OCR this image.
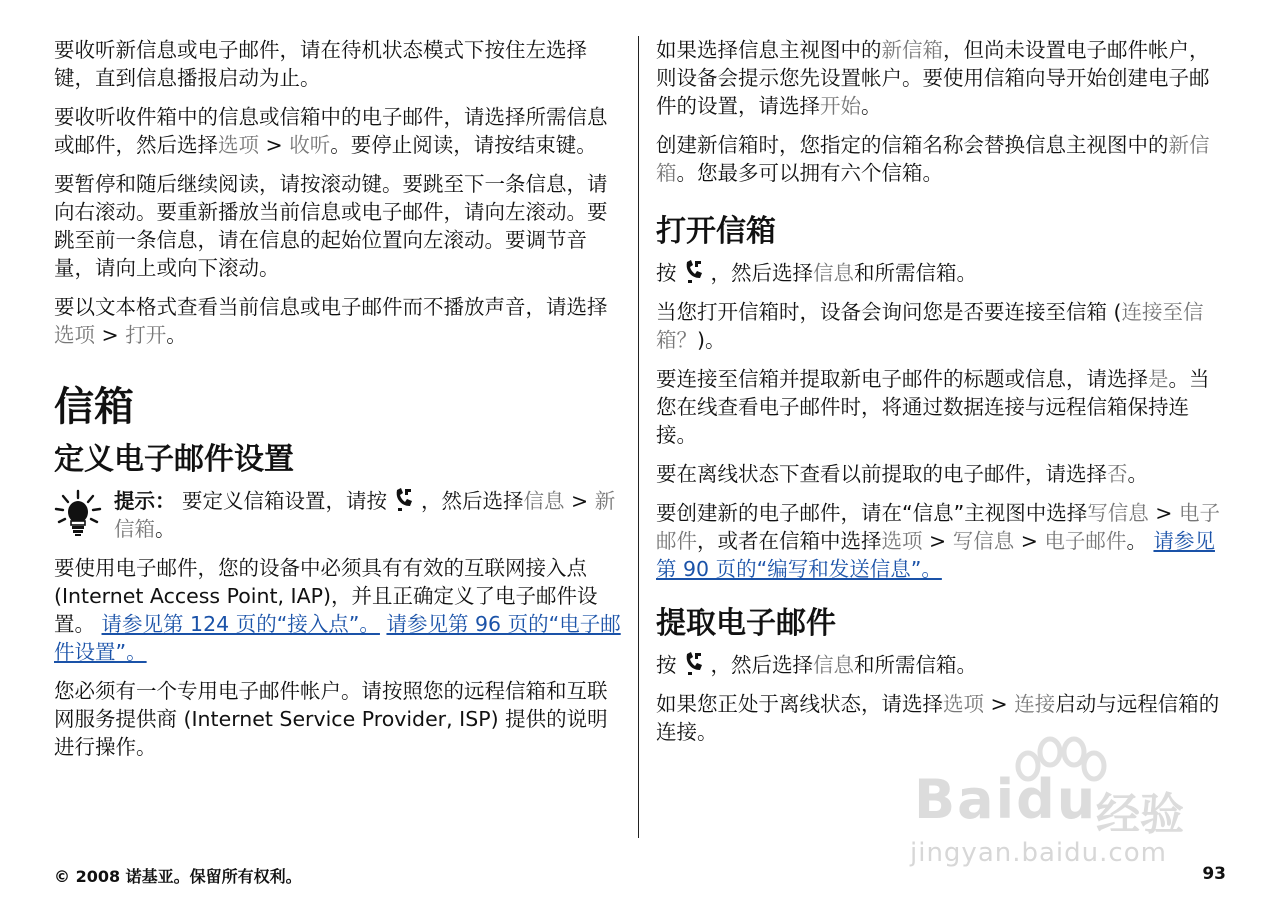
要收听新信息或电子邮件，请在待机状态模式下按住左选择键，直到信息播报启动为止。

要收听收件箱中的信息或信箱中的电子邮件，请选择所需信息或邮件，然后选择选项 > 收听。要停止阅读，请按结束键。

要暂停和随后继续阅读，请按滚动键。要跳至下一条信息，请向右滚动。要重新播放当前信息或电子邮件，请向左滚动。要跳至前一条信息，请在信息的起始位置向左滚动。要调节音量，请向上或向下滚动。

要以文本格式查看当前信息或电子邮件而不播放声音，请选择选项 > 打开。

信箱
定义电子邮件设置
提示： 要定义信箱设置，请按 ，然后选择信息 > 新信箱。

要使用电子邮件，您的设备中必须具有有效的互联网接入点 (Internet Access Point, IAP)，并且正确定义了电子邮件设置。 请参见第 124 页的“接入点”。 请参见第 96 页的“电子邮件设置”。

您必须有一个专用电子邮件帐户。请按照您的远程信箱和互联网服务提供商 (Internet Service Provider, ISP) 提供的说明进行操作。

如果选择信息主视图中的新信箱，但尚未设置电子邮件帐户，则设备会提示您先设置帐户。要使用信箱向导开始创建电子邮件的设置，请选择开始。

创建新信箱时，您指定的信箱名称会替换信息主视图中的新信箱。您最多可以拥有六个信箱。

打开信箱

按 ，然后选择信息和所需信箱。

当您打开信箱时，设备会询问您是否要连接至信箱 (连接至信箱？)。

要连接至信箱并提取新电子邮件的标题或信息，请选择是。当您在线查看电子邮件时，将通过数据连接与远程信箱保持连接。

要在离线状态下查看以前提取的电子邮件，请选择否。

要创建新的电子邮件，请在“信息”主视图中选择写信息 > 电子邮件，或者在信箱中选择选项 > 写信息 > 电子邮件。 请参见第 90 页的“编写和发送信息”。

提取电子邮件

按 ，然后选择信息和所需信箱。

如果您正处于离线状态，请选择选项 > 连接启动与远程信箱的连接。

Baidu
经验
jingyan.baidu.com
© 2008 诺基亚。保留所有权利。	93
